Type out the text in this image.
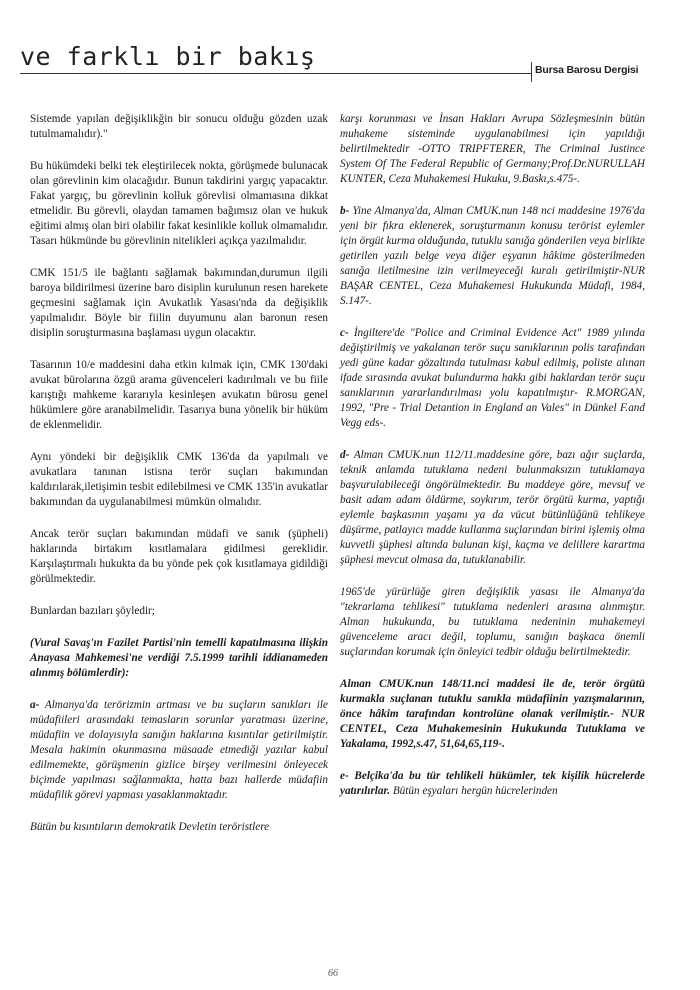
ve farklı bir bakış	Bursa Barosu Dergisi

Sistemde yapılan değişiklikğin bir sonucu olduğu gözden uzak tutulmamalıdır)."

Bu hükümdeki belki tek eleştirilecek nokta, görüşmede bulunacak olan görevlinin kim olacağıdır. Bunun takdirini yargıç yapacaktır. Fakat yargıç, bu görevlinin kolluk görevlisi olmamasına dikkat etmelidir. Bu görevli, olaydan tamamen bağımsız olan ve hukuk eğitimi almış olan biri olabilir fakat kesinlikle kolluk olmamalıdır. Tasarı hükmünde bu görevlinin nitelikleri açıkça yazılmalıdır.

CMK 151/5 ile bağlantı sağlamak bakımından,durumun ilgili baroya bildirilmesi üzerine baro disiplin kurulunun resen harekete geçmesini sağlamak için Avukatlık Yasası'nda da değişiklik yapılmalıdır. Böyle bir fiilin duyumunu alan baronun resen disiplin soruşturmasına başlaması uygun olacaktır.

Tasarının 10/e maddesini daha etkin kılmak için, CMK 130'daki avukat bürolarına özgü arama güvenceleri kadırılmalı ve bu fiile karıştığı mahkeme kararıyla kesinleşen avukatın bürosu genel hükümlere göre aranabilmelidir. Tasarıya buna yönelik bir hüküm de eklenmelidir.

Aynı yöndeki bir değişiklik CMK 136'da da yapılmalı ve avukatlara tanınan istisna terör suçları bakımından kaldırılarak,iletişimin tesbit edilebilmesi ve CMK 135'in avukatlar bakımından da uygulanabilmesi mümkün olmalıdır.

Ancak terör suçları bakımından müdafi ve sanık (şüpheli) haklarında birtakım kısıtlamalara gidilmesi gereklidir. Karşılaştırmalı hukukta da bu yönde pek çok kısıtlamaya gidildiği görülmektedir.

Bunlardan bazıları şöyledir;

(Vural Savaş'ın Fazilet Partisi'nin temelli kapatılmasına ilişkin Anayasa Mahkemesi'ne verdiği 7.5.1999 tarihli iddianameden alınmış bölümlerdir):

a- Almanya'da terörizmin artması ve bu suçların sanıkları ile müdafiileri arasındaki temasların sorunlar yaratması üzerine, müdafiin ve dolayısıyla sanığın haklarına kısıntılar getirilmiştir. Mesala hakimin okunmasına müsaade etmediği yazılar kabul edilmemekte, görüşmenin gizlice birşey verilmesini önleyecek biçimde yapılması sağlanmakta, hatta bazı hallerde müdafiin müdafilik görevi yapması yasaklanmaktadır.

Bütün bu kısıntıların demokratik Devletin teröristlere

karşı korunması ve İnsan Hakları Avrupa Sözleşmesinin bütün muhakeme sisteminde uygulanabilmesi için yapıldığı belirtilmektedir -OTTO TRIPFTERER, The Criminal Justince System Of The Federal Republic of Germany;Prof.Dr.NURULLAH KUNTER, Ceza Muhakemesi Hukuku, 9.Baskı,s.475-.

b- Yine Almanya'da, Alman CMUK.nun 148 nci maddesine 1976'da yeni bir fıkra eklenerek, soruşturmanın konusu terörist eylemler için örgüt kurma olduğunda, tutuklu sanığa gönderilen veya birlikte getirilen yazılı belge veya diğer eşyanın hâkime gösterilmeden sanığa iletilmesine izin verilmeyeceği kuralı getirilmiştir-NUR BAŞAR CENTEL, Ceza Muhakemesi Hukukunda Müdafi, 1984, S.147-.

c- İngiltere'de "Police and Criminal Evidence Act" 1989 yılında değiştirilmiş ve yakalanan terör suçu sanıklarının polis tarafından yedi güne kadar gözaltında tutulması kabul edilmiş, poliste alınan ifade sırasında avukat bulundurma hakkı gibi haklardan terör suçu sanıklarının yararlandırılması yolu kapatılmıştır- R.MORGAN, 1992, "Pre - Trial Detantion in England an Vales" in Dünkel F.and Vegg eds-.

d- Alman CMUK.nun 112/11.maddesine göre, bazı ağır suçlarda, teknik anlamda tutuklama nedeni bulunmaksızın tutuklamaya başvurulabileceği öngörülmektedir. Bu maddeye göre, mevsuf ve basit adam adam öldürme, soykırım, terör örgütü kurma, yaptığı eylemle başkasının yaşamı ya da vücut bütünlüğünü tehlikeye düşürme, patlayıcı madde kullanma suçlarından birini işlemiş olma kuvvetli şüphesi altında bulunan kişi, kaçma ve delillere karartma şüphesi mevcut olmasa da, tutuklanabilir.

1965'de yürürlüğe giren değişiklik yasası ile Almanya'da "tekrarlama tehlikesi" tutuklama nedenleri arasına alınmıştır. Alman hukukunda, bu tutuklama nedeninin muhakemeyi güvenceleme aracı değil, toplumu, sanığın başkaca önemli suçlarından korumak için önleyici tedbir olduğu belirtilmektedir.

Alman CMUK.nun 148/11.nci maddesi ile de, terör örgütü kurmakla suçlanan tutuklu sanıkla müdafiinin yazışmalarının, önce hâkim tarafından kontrolüne olanak verilmiştir.- NUR CENTEL, Ceza Muhakemesinin Hukukunda Tutuklama ve Yakalama, 1992,s.47, 51,64,65,119-.

e- Belçika'da bu tür tehlikeli hükümler, tek kişilik hücrelerde yatırılırlar. Bütün eşyaları hergün hücrelerinden

66
